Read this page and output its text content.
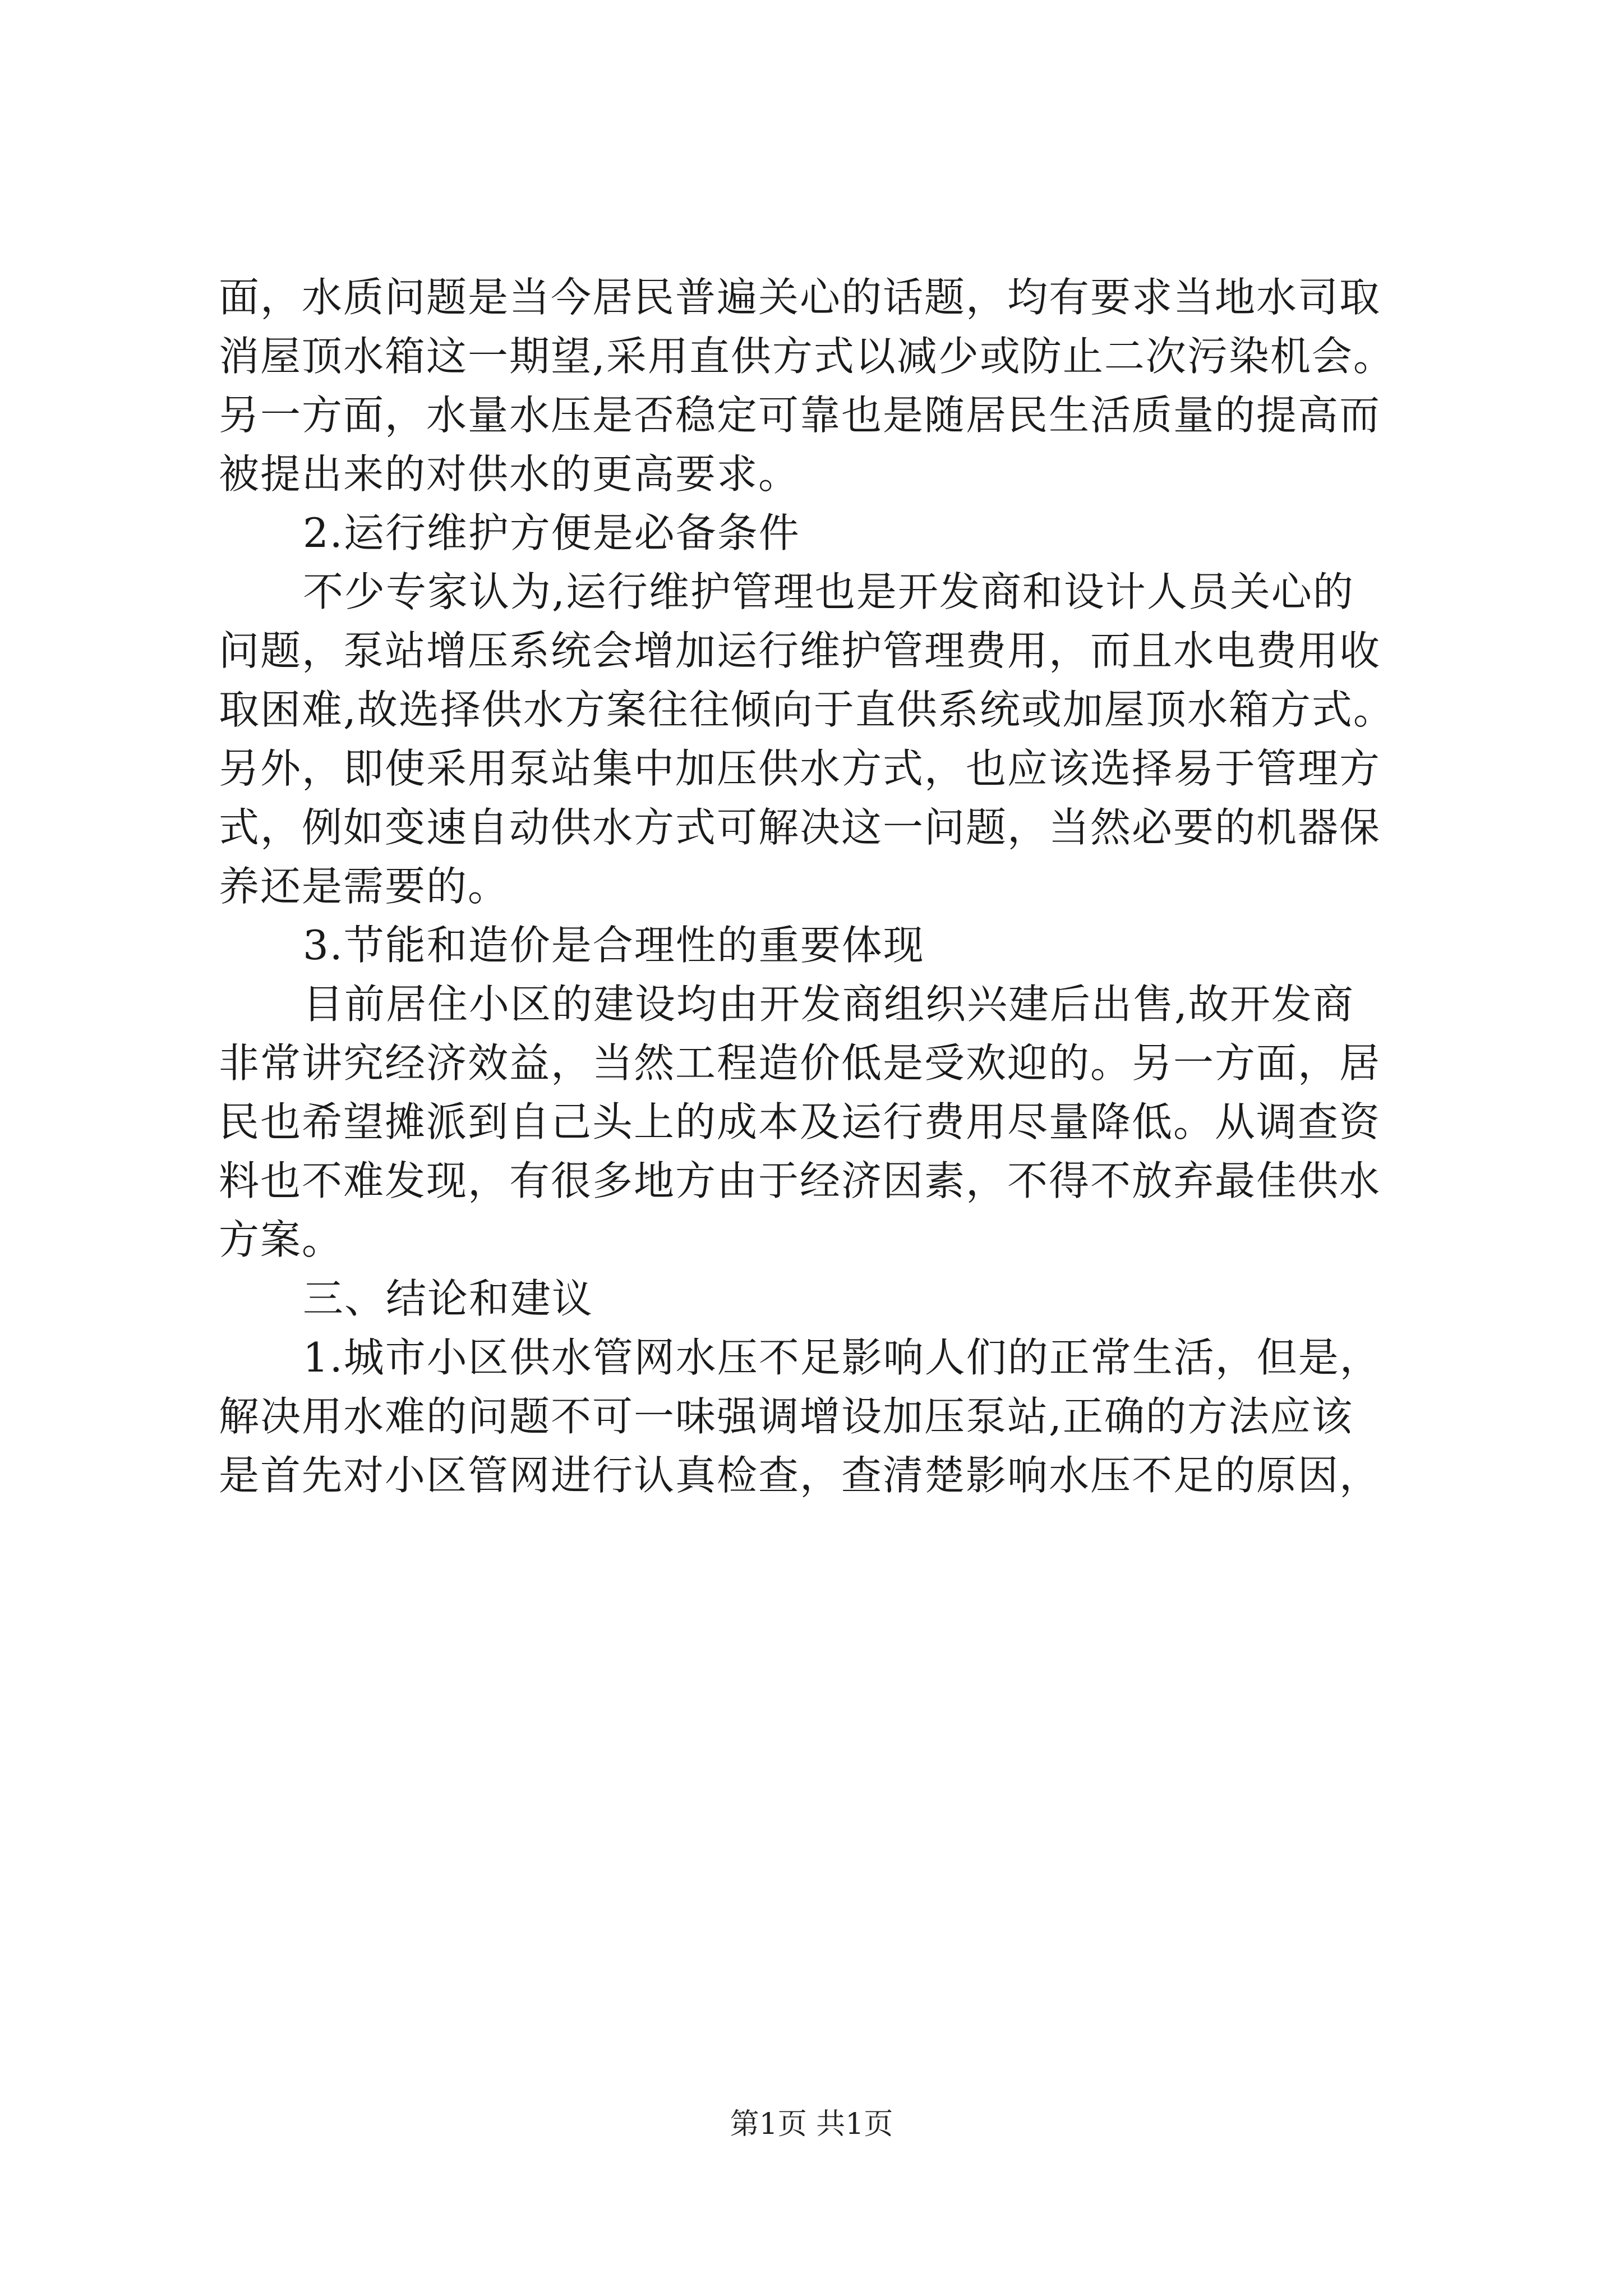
面，水质问题是当今居民普遍关心的话题，均有要求当地水司取
消屋顶水箱这一期望,采用直供方式以减少或防止二次污染机会。
另一方面，水量水压是否稳定可靠也是随居民生活质量的提高而
被提出来的对供水的更高要求。
2.运行维护方便是必备条件
不少专家认为,运行维护管理也是开发商和设计人员关心的
问题，泵站增压系统会增加运行维护管理费用，而且水电费用收
取困难,故选择供水方案往往倾向于直供系统或加屋顶水箱方式。
另外，即使采用泵站集中加压供水方式，也应该选择易于管理方
式，例如变速自动供水方式可解决这一问题，当然必要的机器保
养还是需要的。
3.节能和造价是合理性的重要体现
目前居住小区的建设均由开发商组织兴建后出售,故开发商
非常讲究经济效益，当然工程造价低是受欢迎的。另一方面，居
民也希望摊派到自己头上的成本及运行费用尽量降低。从调查资
料也不难发现，有很多地方由于经济因素，不得不放弃最佳供水
方案。
三、结论和建议
1.城市小区供水管网水压不足影响人们的正常生活，但是，
解决用水难的问题不可一味强调增设加压泵站,正确的方法应该
是首先对小区管网进行认真检查，查清楚影响水压不足的原因，
第1页 共1页
